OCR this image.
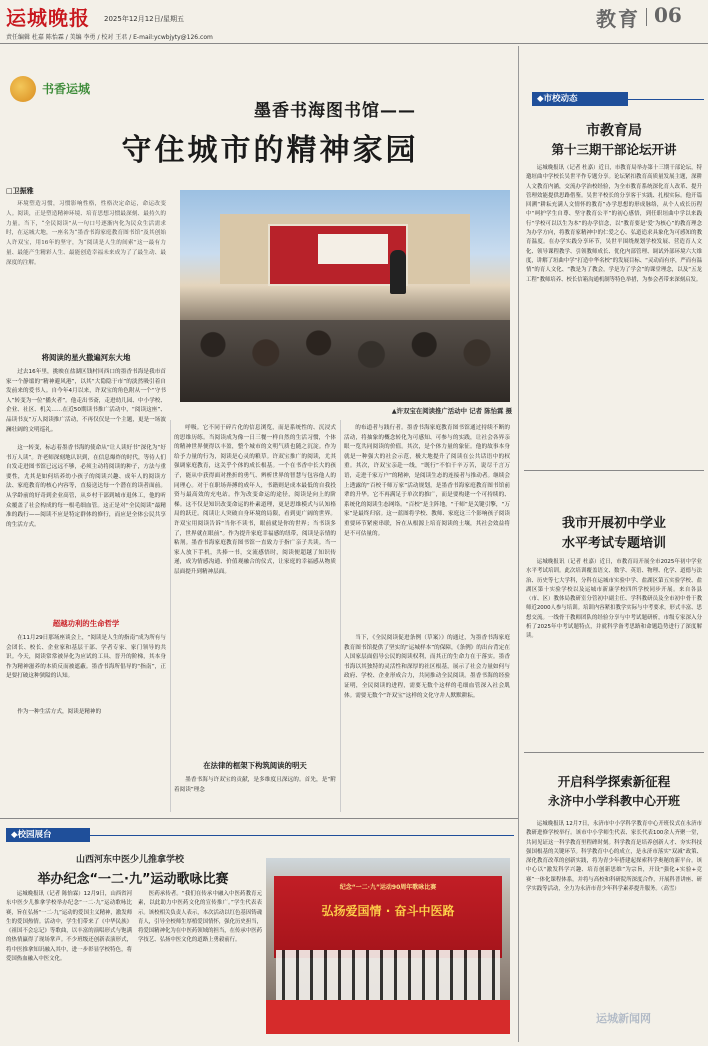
运城晚报 2025年12月12日/星期五	教育 06
责任编辑 杜嘉 陈怡霖 / 美编 李勇 / 校对 王君 / E-mail:ycwbjyty@126.com
书香运城
墨香书海图书馆——
守住城市的精神家园
□卫振雅

环境塑造习惯，习惯影响性格，性格决定命运，命运改变人。阅读，正是塑造精神环境、培育思想习惯最深刻、最持久的力量。当下，“全民阅读”从一句口号逐渐内化为民众生活需求时，在运城大地，一座名为“墨香书海家庭教育图书馆”及其创始人许双宝，用16年的坚守，为“阅读是人生的间索”这一最有力量、最能产生精彩人生、最能创造幸福未来成为了了最生动、最深度的注解。

将阅读的星火撒遍河东大地

过去16年里，挑映在盐湖区钱村回西口的墨香书海是我市首家一个静谧的“精神避风港”，以其“大隐隐于市”的淡然吸引着自发前来的爱书人。自今年4月以来，许双宝的角色附从一个“守书人”转变为一位“播火者”。他走出书斋，走进幼儿园、中小学校、企业、社区、机关……在近50期读书推广活动中，“阅读这座”、品读书友“万人阅读推广活动，不再仅仅是一个主题，更是一场波澜壮阔的文明巡礼。

这一转变，标志着墨香书海的使命从“让人读好书”深化为“好书万人读”。许老师深刻地认识到，在信息爆炸的时代，等待人们自发走进图书馆已远远不够，必须主动将阅读的种子，方法与重要性，尤其是如何培养幼小孩子的阅读兴趣、成年人的阅读方法、家庭教育的核心内容等，直接送达每一个潜在的读者面前。从学龄前的好奇到企业高管，从乡村干部到城市退休工，他的听众覆盖了社会构成的每一根毛细血管。这正是对“全民阅读”最精准的践行——阅读不应是特定群体的修行，而应是全体公民共享的生活方式。

超越功利的生命哲学

在11月29日那场座谈会上，“阅读是人生的指南”成为所有与会团长、校长、企业家和基层干部、学者专家、家门领导的共识。今天，阅读常常被异化为应试的工具、晋升的阶梯，其本身作为精神滋养的本质反而被遮蔽。墨香书海所倡导的“指南”，正是要打破这种狭隘的认知。

作为一种生活方式，阅读是精神的

▲许双宝在阅读推广活动中 记者 陈怡霖 摄

呼吸。它不同于碎片化的信息浏览，而是系统性的、沉浸式的思维历练。当阅读成为像一日三餐一样自然的生活习惯，个体的精神世界便得以丰盈，整个城市的文明气质也随之沉淀。作为给予力量的行为，阅读是心灵的粮草。许双宝推广的阅读，尤其强调家庭教育，这关乎个体的成长根基。一个在书香中长大的孩子，能从中获得面对挫折的勇气、辨析世界的智慧与包容他人的同理心。对于在职场奔搏的成年人，书籍则是成本最低的自我投资与最高效的充电站。作为改变命运的途径，阅读是向上的阶梯。这不仅是知识改变命运的朴素道理，更是思维模式与认知格局的跃迁。阅读让人突破自身环境的局限，看到更广阔的世界。许双宝用阅读告诉“当你不读书，眼前就是你的世界；当书读多了，世界就在眼前”。作为提升家庭幸福感的纽带，阅读是亲情的粘剂。墨香书海家庭教育图书馆一直致力于指广亲子共读。当一家人放下手机，共捧一书，交流感悟时，阅读便超越了知识传递，成为情感沟通、价值观融合的仪式，让家庭的幸福感从物质层面提升到精神层面。

在法律的框架下构筑阅读的明天

墨香书海与许双宝的贡献，是多维度且深远的。首先，是“附着阅读”理念

的布道者与践行者。墨香书海家庭教育图书馆通过持续不断的活动，将抽象的概念转化为可感知、可参与的实践，让社会各界亲眼一览共同阅读的价值。其次，是个体力量的象征。他的故事本身就是一种强大的社会示范，极大地提升了阅读在公共话语中的权重。其次，许双宝亲赴一线，“既行”不怕千辛万苦，说尽千言万语，走进千家万户”的精神，是阅读生态的连接者与推动者。继续会上透露的“百校千师万家”活动规划，是墨香书海家庭教育图书馆前辈的升华。它不再满足于单次的推广，而是要构建一个可持续的、系统化的阅读生态网络。“百校”是主阵地，“千师”是关键引擎，“万家”是最终归宿。这一蓝图将学校、教师、家庭这三个影响孩子阅读重要环节紧密串联，旨在从根源上培育阅读的土壤，其社会效益将是不可估量的。

当下，《全民阅读促进条例（草案）》的通过，为墨香书海家庭教育图书馆提供了坚实的“运城样本”的保障，《条例》的出台背定在人国家层面倡导公民的阅读权利，而其正的生命力在于落实。墨香书海以其独特的灵活性和深厚的社区根基，展示了社会力量如何与政府、学校、企业形成合力，共同推动全民阅读。墨香书海的经验证明，全民阅读的进程，需要无数个这样的毛细血管深入社会肌体。需要无数个“许双宝”这样的文化守井人默默耕耘。

◆市校动态
市教育局
第十三期干部论坛开讲

运城晚报讯（记者 杜嘉）近日，市教育局举办第十三期干部论坛，特邀垣曲中学校长吴世平作专题分享。论坛紧扣教育高质量发展主题，深耕人文教育内涵，交流办学治校经验，为全市教育系统深化育人改革、提升管理效能提供思路借鉴。吴世平校长的分享客于实践、扎根实际。他开篇回溯“耕耘充满人文情怀的教育”办学思想的形成脉络，从个人成长历程中“呵护学生自尊、坚守教育公平”的初心感悟，到任职垣曲中学以来践行“学校可以以生为本”的办学信念，以“教育要是‘爱’为核心”的教育理念为办学方向，将教育家精神中的仁爱之心、弘道追求具象化为可感知的教育温度。在办学实践分享环节，吴世平围绕规划学校发展、营造育人文化、领导课程教学、引领教师成长、优化内部管理、调试外部环境六大维度，讲解了垣曲中学“打造中华名校”的发展目标、“灵动而有序，严而有温情”的育人文化、“教是为了教会，学是为了学会”的课堂理念，以及“五龙工程”教师培养、校长信箱沟通机制等特色举措，为参会者带来深刻启发。

我市开展初中学业
水平考试专题培训

运城晚报讯（记者 杜嘉）近日，市教育局开展全市2025年初中学业水平考试培训。此次培训覆盖语文、数学、英语、物理、化学、道德与法治、历史等七大学科，分科在运城市实验中学、盐湖区第五实验学校、盐湖区第十实验学校以及运城市新康学校四所学校同步开展。来自各县（市、区）教体局教研室分管初中副主任、学科教研员及全市初中骨干教师近2000人参与培训。培训内容紧扣教学实际与中考要求，形式丰富、思想交流。一线骨干教师团队的经验分享与中考试题研析，市级专家深入分析了2025年中考试题特点，并就科学备考思路和命题趋势进行了深度解读。

开启科学探索新征程
永济中小学科教中心开班

运城晚报讯 12月7日，永济市中小学科学教育中心开班仪式在永济市教研进修学校举行。该市中小学师生代表、家长代表100余人齐聚一堂，共同见证这一科学教育里程碑时刻。科学教育是培养创新人才、夯实科技强国根基的关键环节。科学教育中心的成立，是永济市落实“双减”政策、深化教育改革的创新实践，将为青少年搭建起探索科学奥秘的新平台。该中心以“激发科学兴趣、培育创新思维”为宗旨，开设“强化+实验+竞赛”一体化课程体系，并将与高校和科研院所深度合作，开展科普讲座、研学实践等活动，全力为永济市青少年科学素养提升服务。（高雪）

◆校园展台
山西河东中医少儿推拿学校
举办纪念“一二·九”运动歌咏比赛

运城晚报讯（记者 陈怡霖）12月9日，山西省河东中医少儿推拿学校举办纪念“一二·九”运动歌咏比赛，旨在弘扬“一二·九”运动的爱国主义精神，激发师生的爱国热情。活动中，学生们带来了《中华民族》《祖国不会忘记》等歌曲，以丰富的演唱形式与饱满的热情赢得了现场掌声。不少班级还创新表演形式，将中医推拿知识融入其中，进一步彰显学校特色，将爱国热血融入中医文化。

医药承传者。“我们在传承中融入中医药教育元素，以此助力中医药文化的宣传推广。”学生代表表示。该校相关负责人表示，本次活动以红色基因铸魂育人，引导全校师生厚植爱国情怀，强化历史担当，将爱国精神化为在中医药领域的担当，在传承中医药学技艺、弘扬中医文化的道路上勇毅前行。

纪念“一二·九”运动90周年歌咏比赛
弘扬爱国情 · 奋斗中医路
运城新闻网
